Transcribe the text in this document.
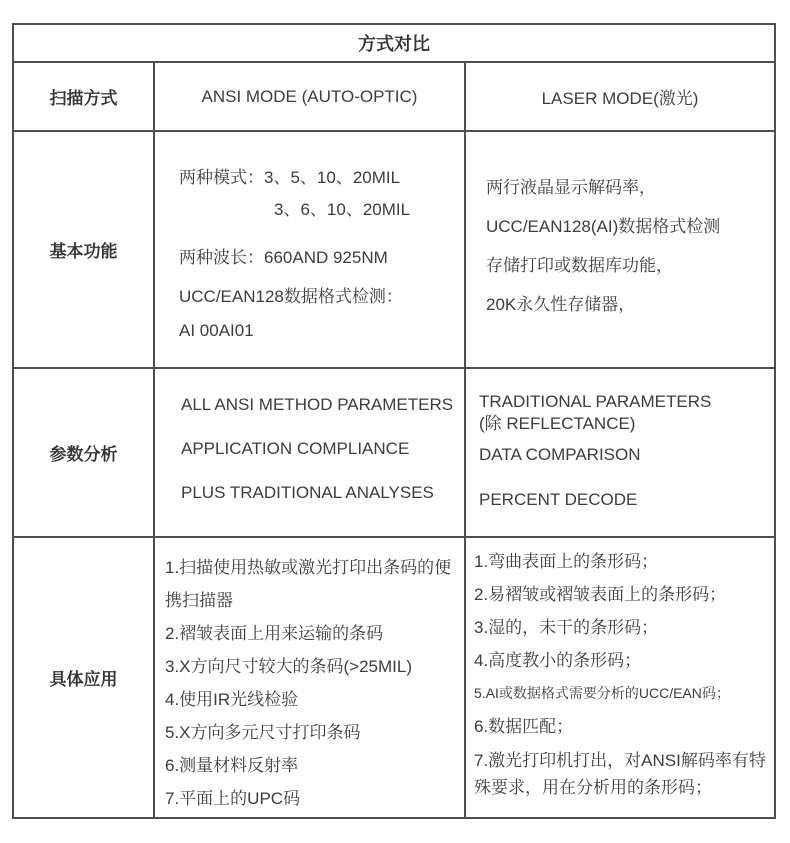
方式对比
扫描方式	ANSI MODE (AUTO-OPTIC)	LASER MODE(激光)
基本功能
两种模式：3、5、10、20MIL
3、6、10、20MIL
两种波长：660AND 925NM
UCC/EAN128数据格式检测：
AI 00AI01
两行液晶显示解码率，
UCC/EAN128(AI)数据格式检测
存储打印或数据库功能，
20K永久性存储器，
参数分析
ALL ANSI METHOD PARAMETERS
APPLICATION COMPLIANCE
PLUS TRADITIONAL ANALYSES
TRADITIONAL PARAMETERS
(除 REFLECTANCE)
DATA COMPARISON
PERCENT DECODE
具体应用
1.扫描使用热敏或激光打印出条码的便携扫描器
2.褶皱表面上用来运输的条码
3.X方向尺寸较大的条码(>25MIL)
4.使用IR光线检验
5.X方向多元尺寸打印条码
6.测量材料反射率
7.平面上的UPC码
1.弯曲表面上的条形码；
2.易褶皱或褶皱表面上的条形码；
3.湿的，未干的条形码；
4.高度教小的条形码；
5.AI或数据格式需要分析的UCC/EAN码；
6.数据匹配；
7.激光打印机打出，对ANSI解码率有特殊要求，用在分析用的条形码；
